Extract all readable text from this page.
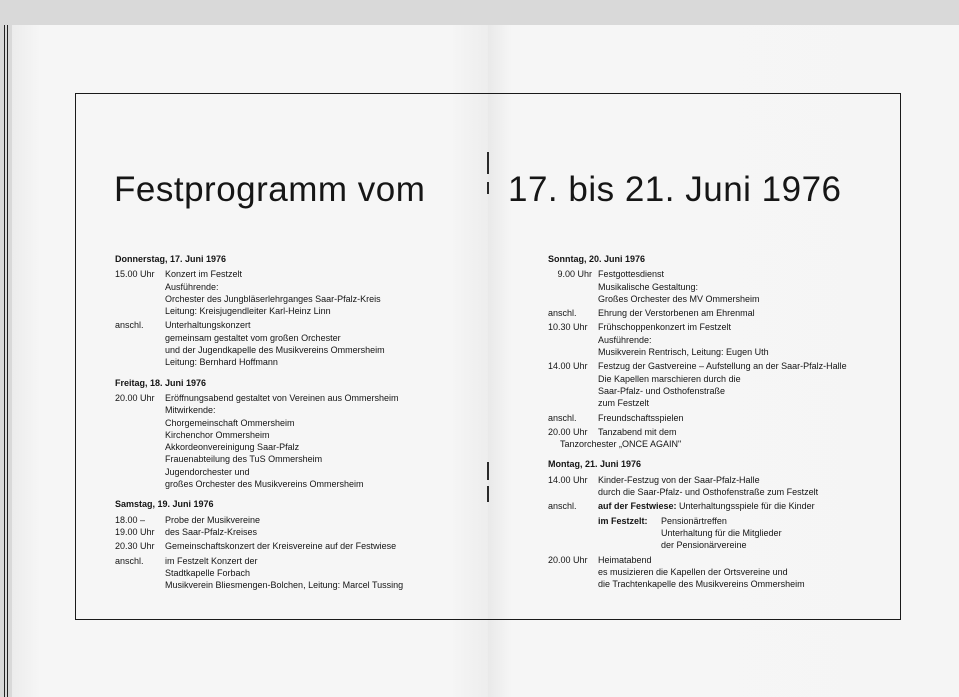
Festprogramm vom 17. bis 21. Juni 1976
Donnerstag, 17. Juni 1976
15.00 Uhr	Konzert im Festzelt
Ausführende:
Orchester des Jungbläserlehrganges Saar-Pfalz-Kreis
Leitung: Kreisjugendleiter Karl-Heinz Linn
anschl.	Unterhaltungskonzert
gemeinsam gestaltet vom großen Orchester
und der Jugendkapelle des Musikvereins Ommersheim
Leitung: Bernhard Hoffmann
Freitag, 18. Juni 1976
20.00 Uhr	Eröffnungsabend gestaltet von Vereinen aus Ommersheim
Mitwirkende:
Chorgemeinschaft Ommersheim
Kirchenchor Ommersheim
Akkordeonvereinigung Saar-Pfalz
Frauenabteilung des TuS Ommersheim
Jugendorchester und
großes Orchester des Musikvereins Ommersheim
Samstag, 19. Juni 1976
18.00 –	Probe der Musikvereine
19.00 Uhr	des Saar-Pfalz-Kreises
20.30 Uhr	Gemeinschaftskonzert der Kreisvereine auf der Festwiese
anschl.	im Festzelt Konzert der
Stadtkapelle Forbach
Musikverein Bliesmengen-Bolchen, Leitung: Marcel Tussing
Sonntag, 20. Juni 1976
9.00 Uhr Festgottesdienst
Musikalische Gestaltung:
Großes Orchester des MV Ommersheim
anschl.	Ehrung der Verstorbenen am Ehrenmal
10.30 Uhr	Frühschoppenkonzert im Festzelt
Ausführende:
Musikverein Rentrisch, Leitung: Eugen Uth
14.00 Uhr	Festzug der Gastvereine – Aufstellung an der Saar-Pfalz-Halle
Die Kapellen marschieren durch die
Saar-Pfalz- und Osthofenstraße
zum Festzelt
anschl.	Freundschaftsspielen
20.00 Uhr	Tanzabend mit dem
Tanzorchester „ONCE AGAIN"
Montag, 21. Juni 1976
14.00 Uhr	Kinder-Festzug von der Saar-Pfalz-Halle
durch die Saar-Pfalz- und Osthofenstraße zum Festzelt
anschl.	auf der Festwiese: Unterhaltungsspiele für die Kinder
im Festzelt:	Pensionärtreffen
Unterhaltung für die Mitglieder
der Pensionärvereine
20.00 Uhr	Heimatabend
es musizieren die Kapellen der Ortsvereine und
die Trachtenkapelle des Musikvereins Ommersheim
